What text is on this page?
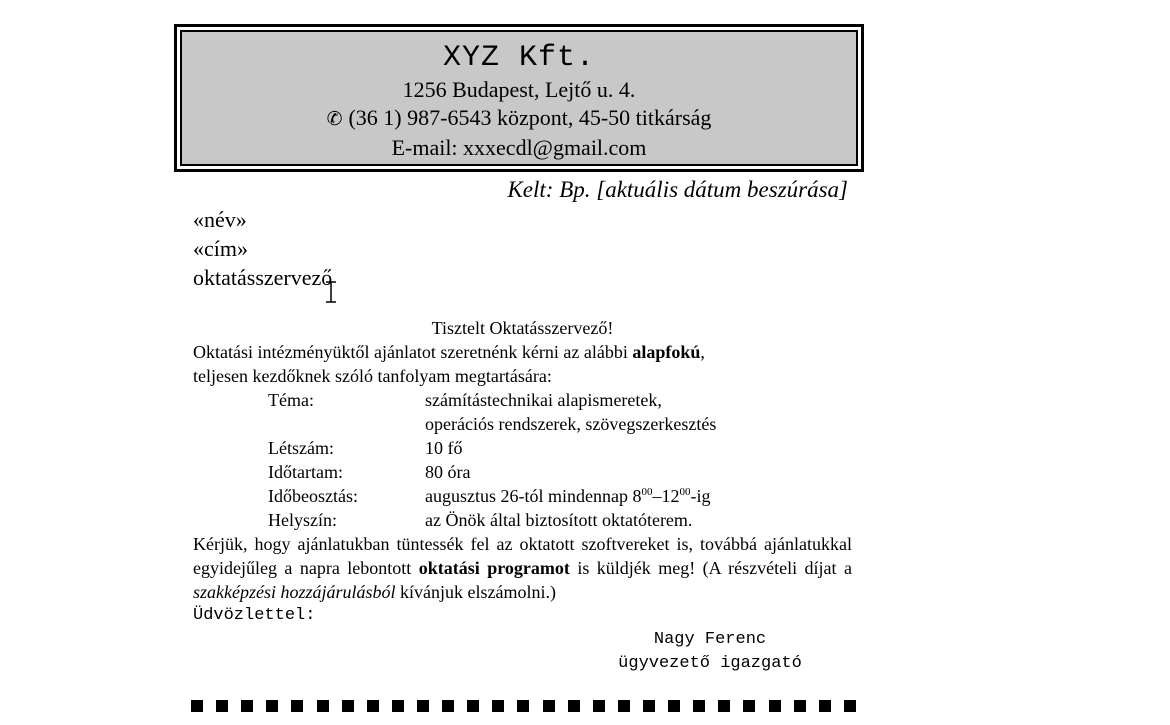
XYZ Kft.
1256 Budapest, Lejtő u. 4.
✆ (36 1) 987-6543 központ, 45-50 titkárság
E-mail: xxxecdl@gmail.com
Kelt: Bp. [aktuális dátum beszúrása]
«név»
«cím»
oktatásszervező
Tisztelt Oktatásszervező!
Oktatási intézményüktől ajánlatot szeretnénk kérni az alábbi alapfokú,
teljesen kezdőknek szóló tanfolyam megtartására:
Téma:	számítástechnikai alapismeretek,
operációs rendszerek, szövegszerkesztés
Létszám:	10 fő
Időtartam:	80 óra
Időbeosztás:	augusztus 26-tól mindennap $8^{00}-12^{00}-ig$
Helyszín:	az Önök által biztosított oktatóterem.
Kérjük, hogy ajánlatukban tüntessék fel az oktatott szoftvereket is, továbbá ajánlatukkal egyidejűleg a napra lebontott oktatási programot is küldjék meg! (A részvételi díjat a szakképzési hozzájárulásból kívánjuk elszámolni.)
Üdvözlettel:
Nagy Ferenc
ügyvezető igazgató
